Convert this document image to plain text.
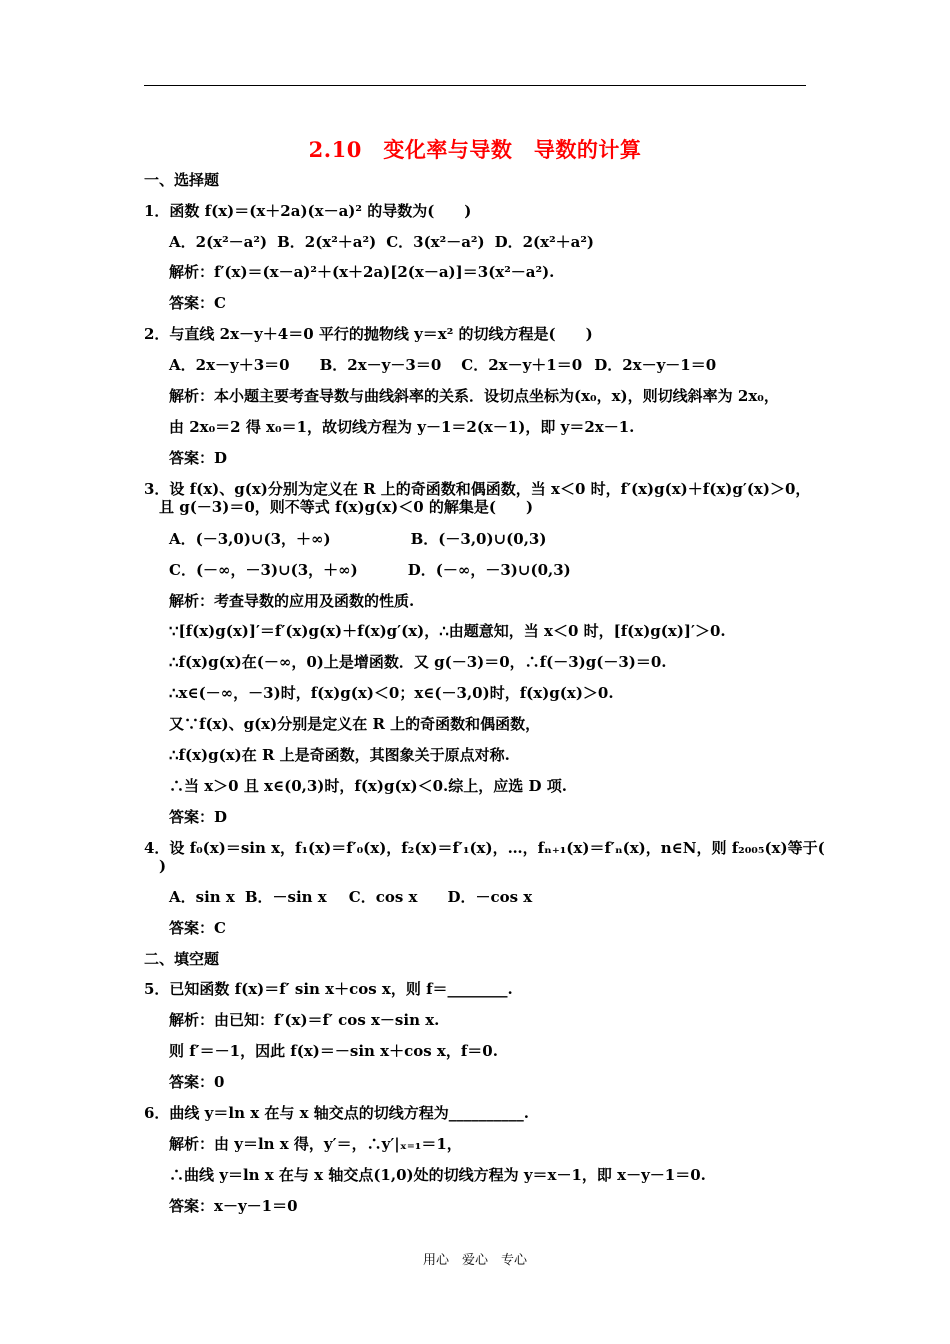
2.10　变化率与导数　导数的计算
一、选择题
1．函数 f(x)＝(x＋2a)(x－a)² 的导数为(　　)
A．2(x²－a²) B．2(x²＋a²) C．3(x²－a²) D．2(x²＋a²)
解析：f′(x)＝(x－a)²＋(x＋2a)[2(x－a)]＝3(x²－a²).
答案：C
2．与直线 2x－y＋4＝0 平行的抛物线 y＝x² 的切线方程是(　　)
A．2x－y＋3＝0 B．2x－y－3＝0 C．2x－y＋1＝0 D．2x－y－1＝0
解析：本小题主要考查导数与曲线斜率的关系．设切点坐标为(x₀，x)，则切线斜率为 2x₀，
由 2x₀＝2 得 x₀＝1，故切线方程为 y－1＝2(x－1)，即 y＝2x－1.
答案：D
3．设 f(x)、g(x)分别为定义在 R 上的奇函数和偶函数，当 x＜0 时，f′(x)g(x)＋f(x)g′(x)＞0，
　且 g(－3)＝0，则不等式 f(x)g(x)＜0 的解集是(　　)
A．(－3,0)∪(3，＋∞)	B．(－3,0)∪(0,3)
C．(－∞，－3)∪(3，＋∞)	D．(－∞，－3)∪(0,3)
解析：考查导数的应用及函数的性质.
∵[f(x)g(x)]′＝f′(x)g(x)＋f(x)g′(x)，∴由题意知，当 x＜0 时，[f(x)g(x)]′＞0.
∴f(x)g(x)在(－∞，0)上是增函数．又 g(－3)＝0，∴f(－3)g(－3)＝0.
∴x∈(－∞，－3)时，f(x)g(x)＜0；x∈(－3,0)时，f(x)g(x)＞0.
又∵f(x)、g(x)分别是定义在 R 上的奇函数和偶函数，
∴f(x)g(x)在 R 上是奇函数，其图象关于原点对称.
∴当 x＞0 且 x∈(0,3)时，f(x)g(x)＜0.综上，应选 D 项.
答案：D
4．设 f₀(x)＝sin x，f₁(x)＝f′₀(x)，f₂(x)＝f′₁(x)，…，fₙ₊₁(x)＝f′ₙ(x)，n∈N，则 f₂₀₀₅(x)等于(
　)
A．sin x B．－sin x C．cos x D．－cos x
答案：C
二、填空题
5．已知函数 f(x)＝f′ sin x＋cos x，则 f＝________.
解析：由已知：f′(x)＝f′ cos x－sin x.
则 f′＝－1，因此 f(x)＝－sin x＋cos x，f＝0.
答案：0
6．曲线 y＝ln x 在与 x 轴交点的切线方程为__________.
解析：由 y＝ln x 得，y′＝，∴y′|ₓ₌₁＝1，
∴曲线 y＝ln x 在与 x 轴交点(1,0)处的切线方程为 y＝x－1，即 x－y－1＝0.
答案：x－y－1＝0
用心　爱心　专心
